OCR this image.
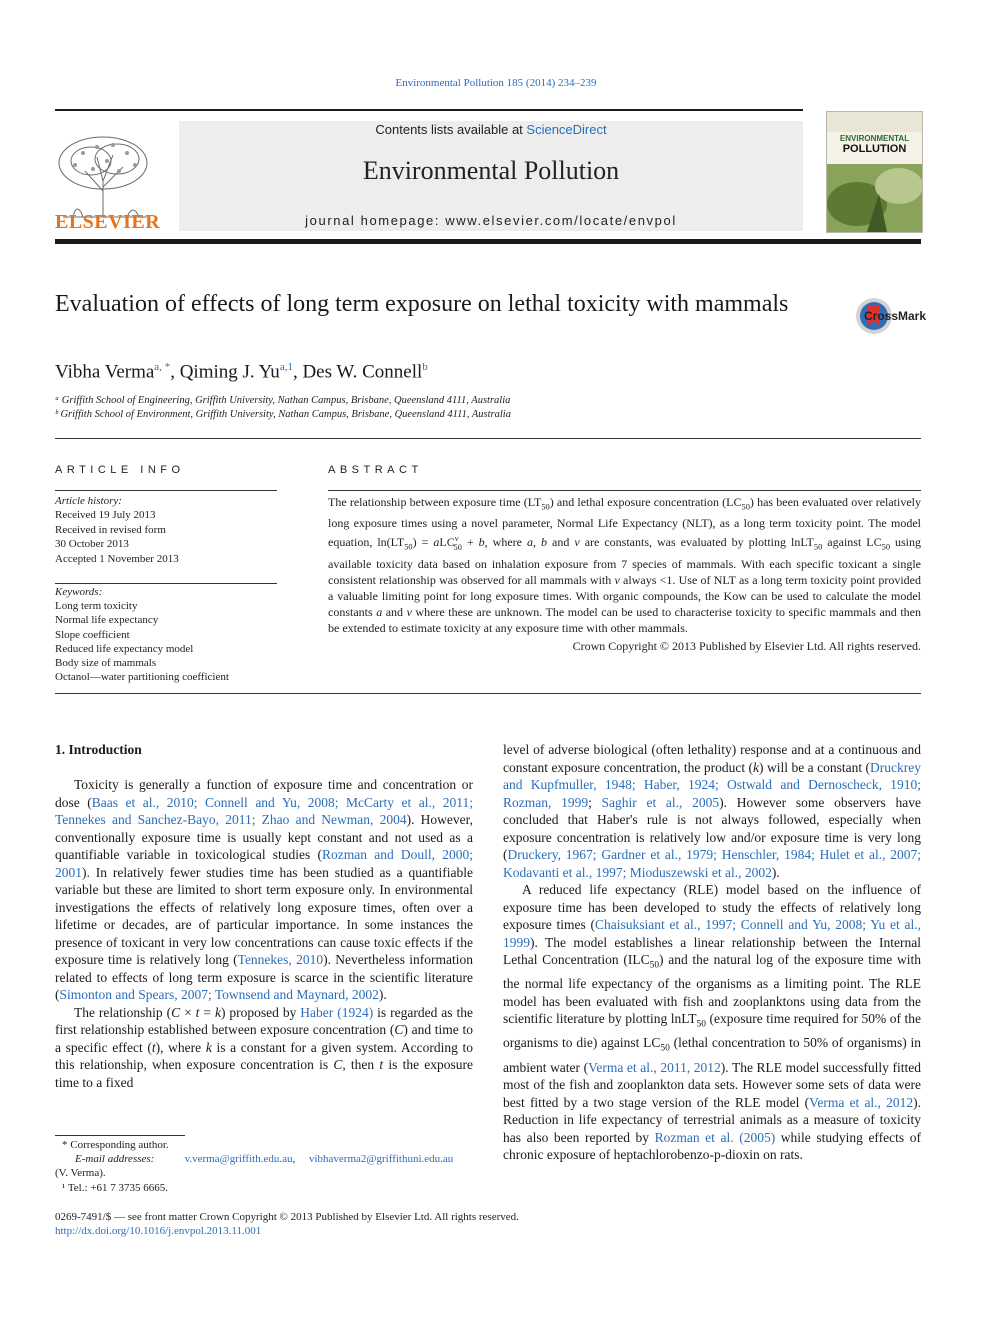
Environmental Pollution 185 (2014) 234–239
ELSEVIER
Contents lists available at ScienceDirect
Environmental Pollution
journal homepage: www.elsevier.com/locate/envpol
ENVIRONMENTAL
POLLUTION
Evaluation of effects of long term exposure on lethal toxicity with mammals	CrossMark
Vibha Verma$^{a, *}$, Qiming J. Yu$^{a,1}$, Des W. Connell$^b$
ᵃ Griffith School of Engineering, Griffith University, Nathan Campus, Brisbane, Queensland 4111, Australia
ᵇ Griffith School of Environment, Griffith University, Nathan Campus, Brisbane, Queensland 4111, Australia
ARTICLE INFO
Article history:
Received 19 July 2013
Received in revised form
30 October 2013
Accepted 1 November 2013
Keywords:
Long term toxicity
Normal life expectancy
Slope coefficient
Reduced life expectancy model
Body size of mammals
Octanol—water partitioning coefficient
ABSTRACT
The relationship between exposure time $(LT_{50})$ and lethal exposure concentration $(LC_{50})$ has been evaluated over relatively long exposure times using a novel parameter, Normal Life Expectancy (NLT), as a long term toxicity point. The model equation, $\ln(LT_{50}) = aLC^\nu_{50} + b$, where a, b and ν are constants, was evaluated by plotting lnLT$_{50}$ against $LC_{50}$ using available toxicity data based on inhalation exposure from 7 species of mammals. With each specific toxicant a single consistent relationship was observed for all mammals with ν always <1. Use of NLT as a long term toxicity point provided a valuable limiting point for long exposure times. With organic compounds, the Kow can be used to calculate the model constants a and ν where these are unknown. The model can be used to characterise toxicity to specific mammals and then be extended to estimate toxicity at any exposure time with other mammals.
Crown Copyright © 2013 Published by Elsevier Ltd. All rights reserved.
1. Introduction

Toxicity is generally a function of exposure time and concentration or dose (Baas et al., 2010; Connell and Yu, 2008; McCarty et al., 2011; Tennekes and Sanchez-Bayo, 2011; Zhao and Newman, 2004). However, conventionally exposure time is usually kept constant and not used as a quantifiable variable in toxicological studies (Rozman and Doull, 2000; 2001). In relatively fewer studies time has been studied as a quantifiable variable but these are limited to short term exposure only. In environmental investigations the effects of relatively long exposure times, often over a lifetime or decades, are of particular importance. In some instances the presence of toxicant in very low concentrations can cause toxic effects if the exposure time is relatively long (Tennekes, 2010). Nevertheless information related to effects of long term exposure is scarce in the scientific literature (Simonton and Spears, 2007; Townsend and Maynard, 2002).

The relationship (C × t = k) proposed by Haber (1924) is regarded as the first relationship established between exposure concentration (C) and time to a specific effect (t), where k is a constant for a given system. According to this relationship, when exposure concentration is C, then t is the exposure time to a fixed

level of adverse biological (often lethality) response and at a continuous and constant exposure concentration, the product (k) will be a constant (Druckrey and Kupfmuller, 1948; Haber, 1924; Ostwald and Dernoscheck, 1910; Rozman, 1999; Saghir et al., 2005). However some observers have concluded that Haber's rule is not always followed, especially when exposure concentration is relatively low and/or exposure time is very long (Druckery, 1967; Gardner et al., 1979; Henschler, 1984; Hulet et al., 2007; Kodavanti et al., 1997; Mioduszewski et al., 2002).

A reduced life expectancy (RLE) model based on the influence of exposure time has been developed to study the effects of relatively long exposure times (Chaisuksiant et al., 1997; Connell and Yu, 2008; Yu et al., 1999). The model establishes a linear relationship between the Internal Lethal Concentration $(ILC_{50})$ and the natural log of the exposure time with the normal life expectancy of the organisms as a limiting point. The RLE model has been evaluated with fish and zooplanktons using data from the scientific literature by plotting lnLT$_{50}$ (exposure time required for 50% of the organisms to die) against $LC_{50}$ (lethal concentration to 50% of organisms) in ambient water (Verma et al., 2011, 2012). The RLE model successfully fitted most of the fish and zooplankton data sets. However some sets of data were best fitted by a two stage version of the RLE model (Verma et al., 2012). Reduction in life expectancy of terrestrial animals as a measure of toxicity has also been reported by Rozman et al. (2005) while studying effects of chronic exposure of heptachlorobenzo-p-dioxin on rats.

* Corresponding author.
E-mail addresses:	v.verma@griffith.edu.au,     vibhaverma2@griffithuni.edu.au
(V. Verma).
¹ Tel.: +61 7 3735 6665.
0269-7491/$ — see front matter Crown Copyright © 2013 Published by Elsevier Ltd. All rights reserved.
http://dx.doi.org/10.1016/j.envpol.2013.11.001
